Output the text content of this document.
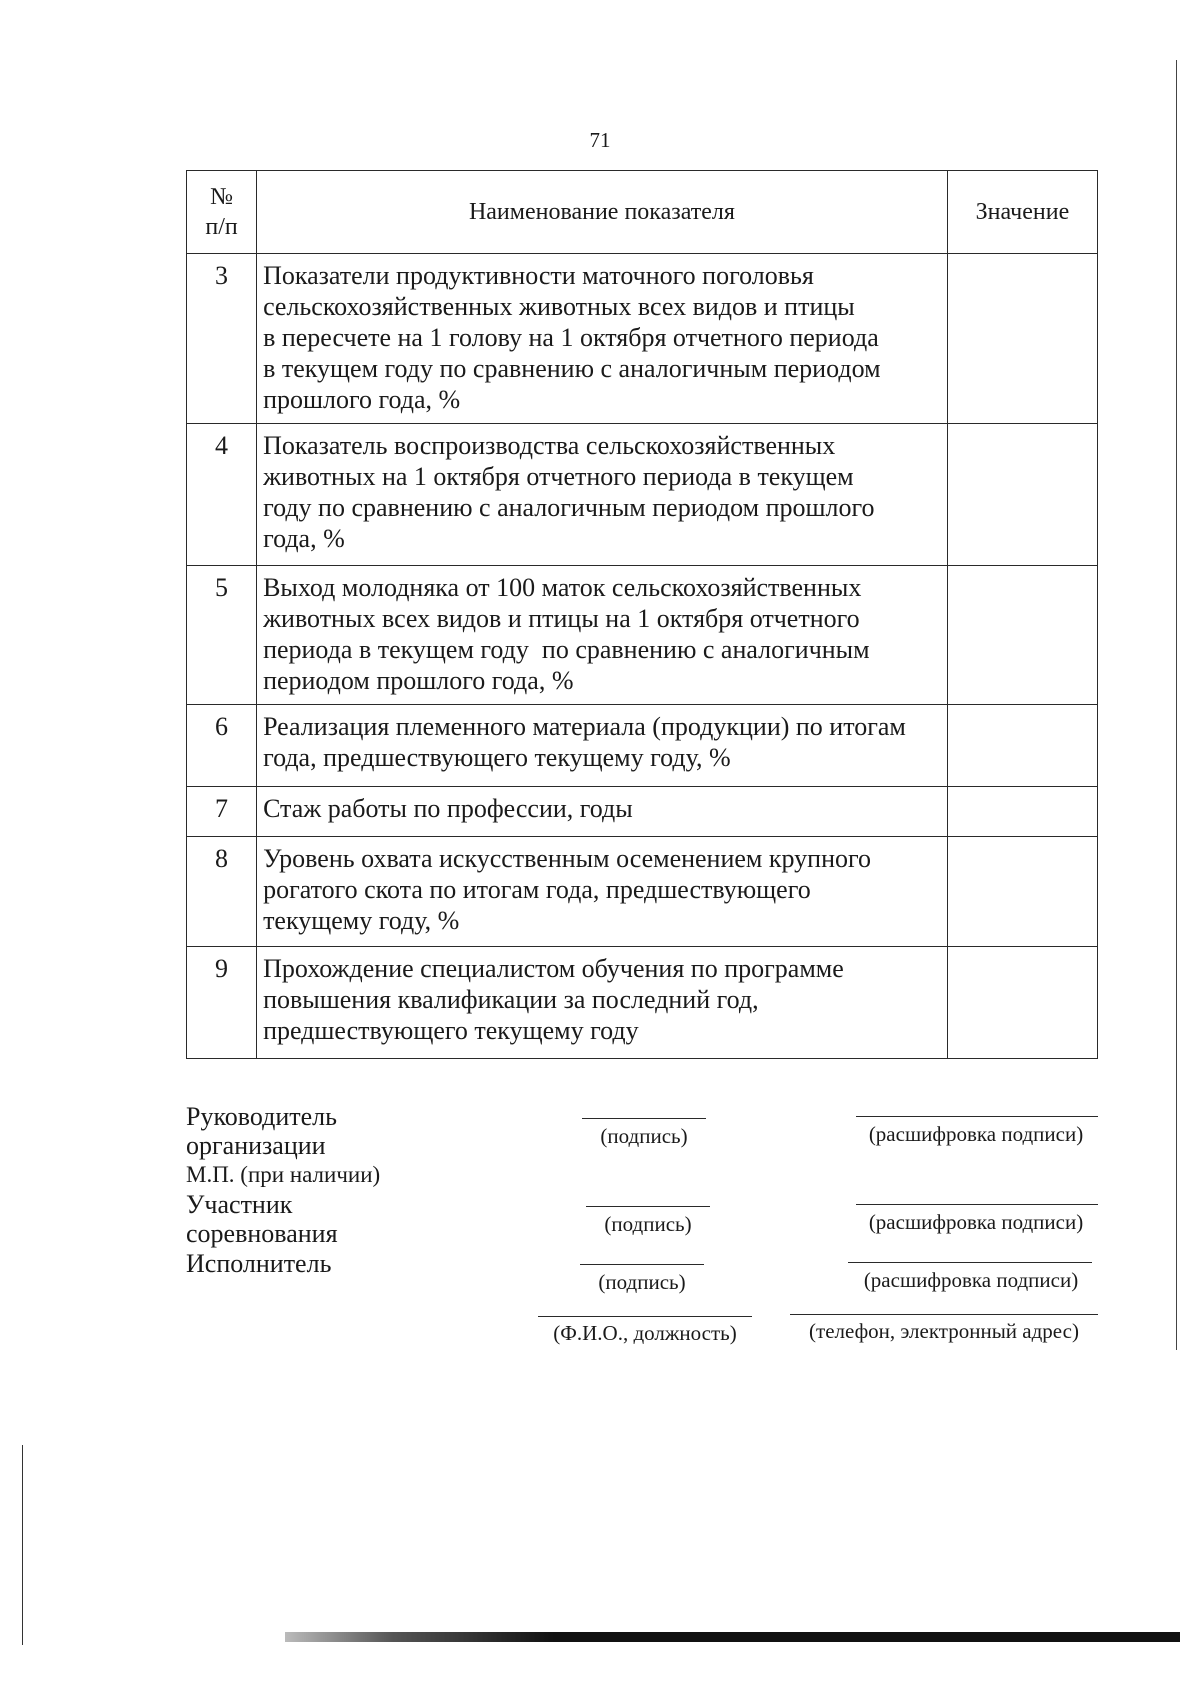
71
№
п/п	Наименование показателя	Значение
3	Показатели продуктивности маточного поголовья
сельскохозяйственных животных всех видов и птицы
в пересчете на 1 голову на 1 октября отчетного периода
в текущем году по сравнению с аналогичным периодом
прошлого года, %	

4	Показатель воспроизводства сельскохозяйственных
животных на 1 октября отчетного периода в текущем
году по сравнению с аналогичным периодом прошлого
года, %	

5	Выход молодняка от 100 маток сельскохозяйственных
животных всех видов и птицы на 1 октября отчетного
периода в текущем году  по сравнению с аналогичным
периодом прошлого года, %	

6	Реализация племенного материала (продукции) по итогам
года, предшествующего текущему году, %	

7	Стаж работы по профессии, годы	

8	Уровень охвата искусственным осеменением крупного
рогатого скота по итогам года, предшествующего
текущему году, %	

9	Прохождение специалистом обучения по программе
повышения квалификации за последний год,
предшествующего текущему году	

Руководитель
организации
М.П. (при наличии)
(подпись)	(расшифровка подписи)
Участник
соревнования	(подпись)	(расшифровка подписи)
Исполнитель
(подпись)	(расшифровка подписи)
(Ф.И.О., должность)	(телефон, электронный адрес)
